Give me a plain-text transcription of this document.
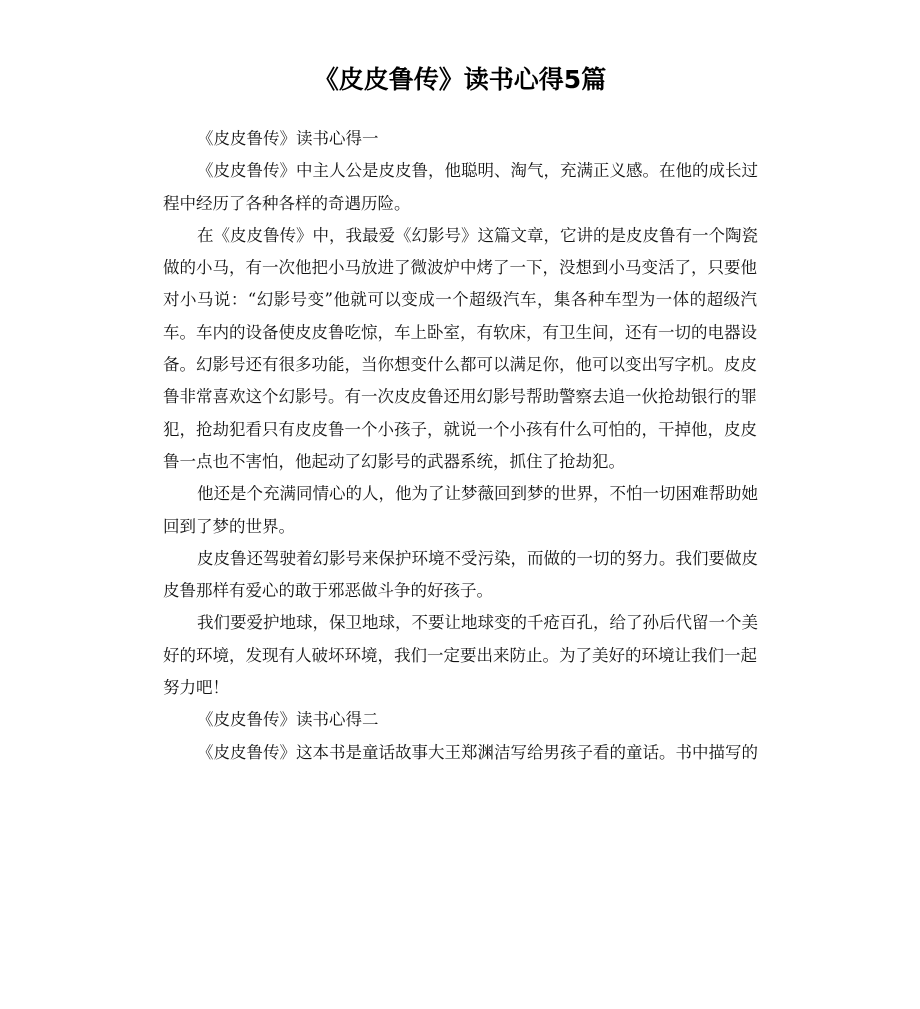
《皮皮鲁传》读书心得5篇
《皮皮鲁传》读书心得一
《皮皮鲁传》中主人公是皮皮鲁，他聪明、淘气，充满正义感。在他的成长过
程中经历了各种各样的奇遇历险。
在《皮皮鲁传》中，我最爱《幻影号》这篇文章，它讲的是皮皮鲁有一个陶瓷
做的小马，有一次他把小马放进了微波炉中烤了一下，没想到小马变活了，只要他
对小马说：“幻影号变”他就可以变成一个超级汽车，集各种车型为一体的超级汽
车。车内的设备使皮皮鲁吃惊，车上卧室，有软床，有卫生间，还有一切的电器设
备。幻影号还有很多功能，当你想变什么都可以满足你，他可以变出写字机。皮皮
鲁非常喜欢这个幻影号。有一次皮皮鲁还用幻影号帮助警察去追一伙抢劫银行的罪
犯，抢劫犯看只有皮皮鲁一个小孩子，就说一个小孩有什么可怕的，干掉他，皮皮
鲁一点也不害怕，他起动了幻影号的武器系统，抓住了抢劫犯。
他还是个充满同情心的人，他为了让梦薇回到梦的世界，不怕一切困难帮助她
回到了梦的世界。
皮皮鲁还驾驶着幻影号来保护环境不受污染，而做的一切的努力。我们要做皮
皮鲁那样有爱心的敢于邪恶做斗争的好孩子。
我们要爱护地球，保卫地球，不要让地球变的千疮百孔，给了孙后代留一个美
好的环境，发现有人破坏环境，我们一定要出来防止。为了美好的环境让我们一起
努力吧！
《皮皮鲁传》读书心得二
《皮皮鲁传》这本书是童话故事大王郑渊洁写给男孩子看的童话。书中描写的
